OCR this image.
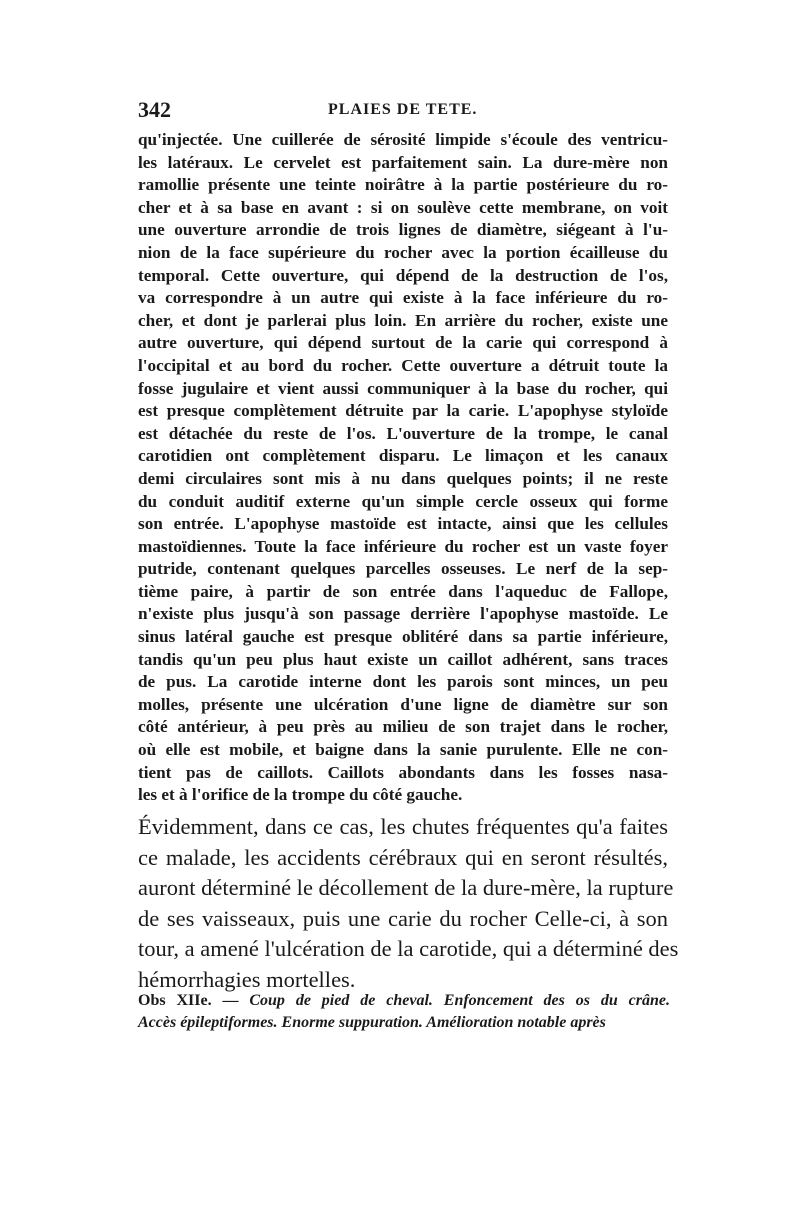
342	PLAIES DE TETE.
qu'injectée. Une cuillerée de sérosité limpide s'écoule des ventricu-
les latéraux. Le cervelet est parfaitement sain. La dure-mère non
ramollie présente une teinte noirâtre à la partie postérieure du ro-
cher et à sa base en avant : si on soulève cette membrane, on voit
une ouverture arrondie de trois lignes de diamètre, siégeant à l'u-
nion de la face supérieure du rocher avec la portion écailleuse du
temporal. Cette ouverture, qui dépend de la destruction de l'os,
va correspondre à un autre qui existe à la face inférieure du ro-
cher, et dont je parlerai plus loin. En arrière du rocher, existe une
autre ouverture, qui dépend surtout de la carie qui correspond à
l'occipital et au bord du rocher. Cette ouverture a détruit toute la
fosse jugulaire et vient aussi communiquer à la base du rocher, qui
est presque complètement détruite par la carie. L'apophyse styloïde
est détachée du reste de l'os. L'ouverture de la trompe, le canal
carotidien ont complètement disparu. Le limaçon et les canaux
demi circulaires sont mis à nu dans quelques points; il ne reste
du conduit auditif externe qu'un simple cercle osseux qui forme
son entrée. L'apophyse mastoïde est intacte, ainsi que les cellules
mastoïdiennes. Toute la face inférieure du rocher est un vaste foyer
putride, contenant quelques parcelles osseuses. Le nerf de la sep-
tième paire, à partir de son entrée dans l'aqueduc de Fallope,
n'existe plus jusqu'à son passage derrière l'apophyse mastoïde. Le
sinus latéral gauche est presque oblitéré dans sa partie inférieure,
tandis qu'un peu plus haut existe un caillot adhérent, sans traces
de pus. La carotide interne dont les parois sont minces, un peu
molles, présente une ulcération d'une ligne de diamètre sur son
côté antérieur, à peu près au milieu de son trajet dans le rocher,
où elle est mobile, et baigne dans la sanie purulente. Elle ne con-
tient pas de caillots. Caillots abondants dans les fosses nasa-
les et à l'orifice de la trompe du côté gauche.
Évidemment, dans ce cas, les chutes fréquentes qu'a faites
ce malade, les accidents cérébraux qui en seront résultés,
auront déterminé le décollement de la dure-mère, la rupture
de ses vaisseaux, puis une carie du rocher Celle-ci, à son
tour, a amené l'ulcération de la carotide, qui a déterminé des
hémorrhagies mortelles.
Obs XIIe. — Coup de pied de cheval. Enfoncement des os du crâne.
Accès épileptiformes. Enorme suppuration. Amélioration notable après
